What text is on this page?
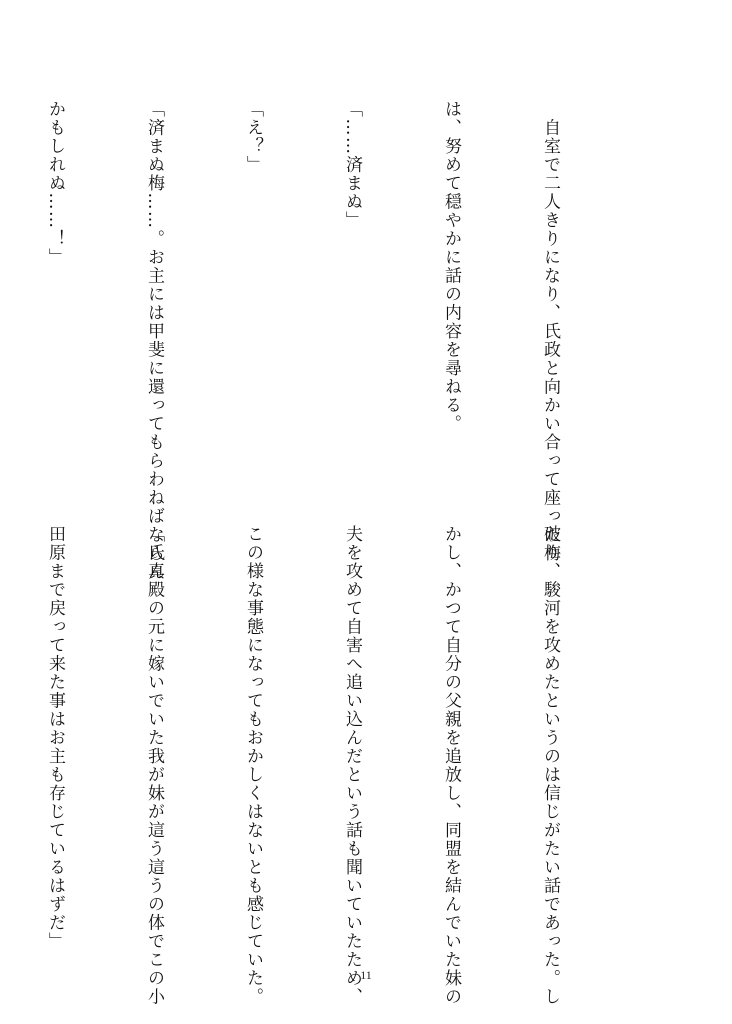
　自室で二人きりになり、氏政と向かい合って座った梅

は、努めて穏やかに話の内容を尋ねる。

「……済まぬ」

「え？」

「済まぬ梅……。お主には甲斐に還ってもらわねばならん

かもしれぬ……！」

破り、駿河を攻めたというのは信じがたい話であった。し

かし、かつて自分の父親を追放し、同盟を結んでいた妹の

夫を攻めて自害へ追い込んだという話も聞いていたため、

この様な事態になってもおかしくはないとも感じていた。

「氏真殿の元に嫁いでいた我が妹が這う這うの体でこの小

田原まで戻って来た事はお主も存じているはずだ」

11
